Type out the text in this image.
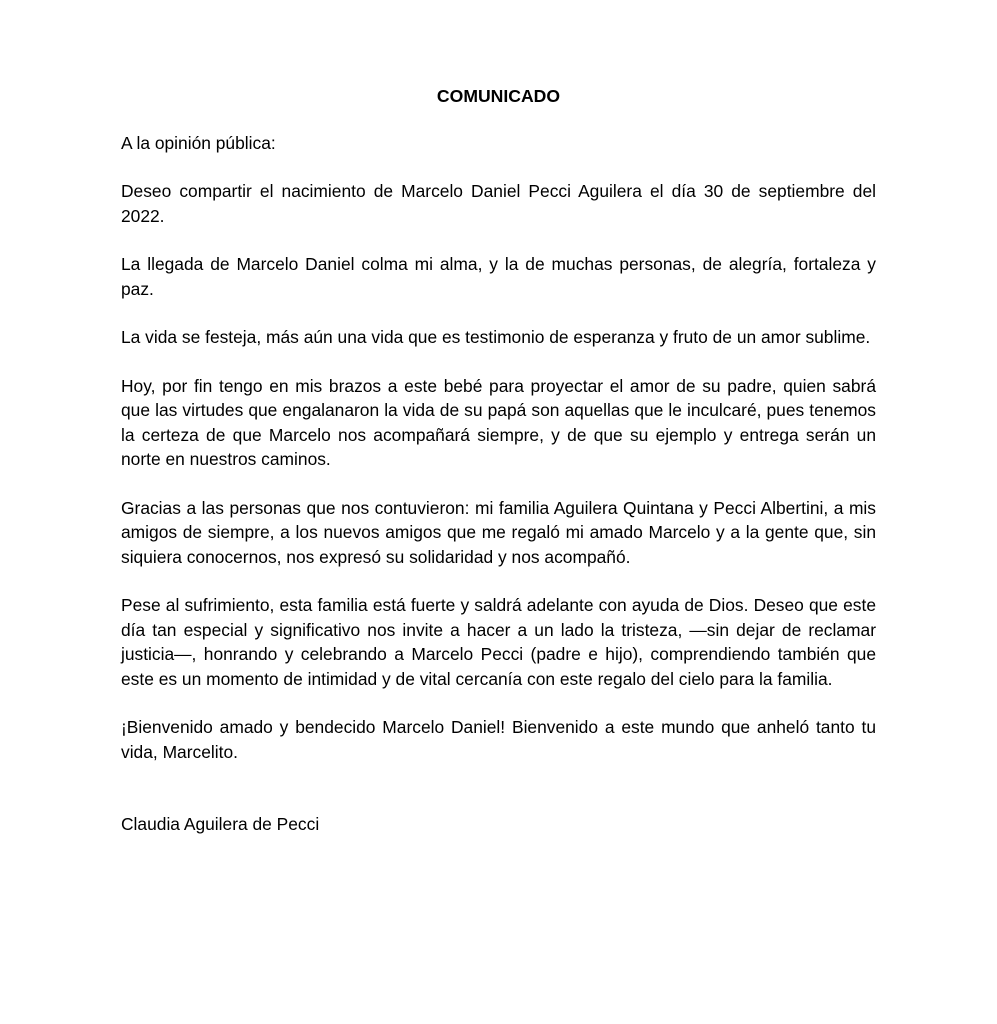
COMUNICADO
A la opinión pública:

Deseo compartir el nacimiento de Marcelo Daniel Pecci Aguilera el día 30 de septiembre del 2022.

La llegada de Marcelo Daniel colma mi alma, y la de muchas personas, de alegría, fortaleza y paz.

La vida se festeja, más aún una vida que es testimonio de esperanza y fruto de un amor sublime.

Hoy, por fin tengo en mis brazos a este bebé para proyectar el amor de su padre, quien sabrá que las virtudes que engalanaron la vida de su papá son aquellas que le inculcaré, pues tenemos la certeza de que Marcelo nos acompañará siempre, y de que su ejemplo y entrega serán un norte en nuestros caminos.

Gracias a las personas que nos contuvieron: mi familia Aguilera Quintana y Pecci Albertini, a mis amigos de siempre, a los nuevos amigos que me regaló mi amado Marcelo y a la gente que, sin siquiera conocernos, nos expresó su solidaridad y nos acompañó.

Pese al sufrimiento, esta familia está fuerte y saldrá adelante con ayuda de Dios. Deseo que este día tan especial y significativo nos invite a hacer a un lado la tristeza, —sin dejar de reclamar justicia—, honrando y celebrando a Marcelo Pecci (padre e hijo), comprendiendo también que este es un momento de intimidad y de vital cercanía con este regalo del cielo para la familia.

¡Bienvenido amado y bendecido Marcelo Daniel! Bienvenido a este mundo que anheló tanto tu vida, Marcelito.

Claudia Aguilera de Pecci
